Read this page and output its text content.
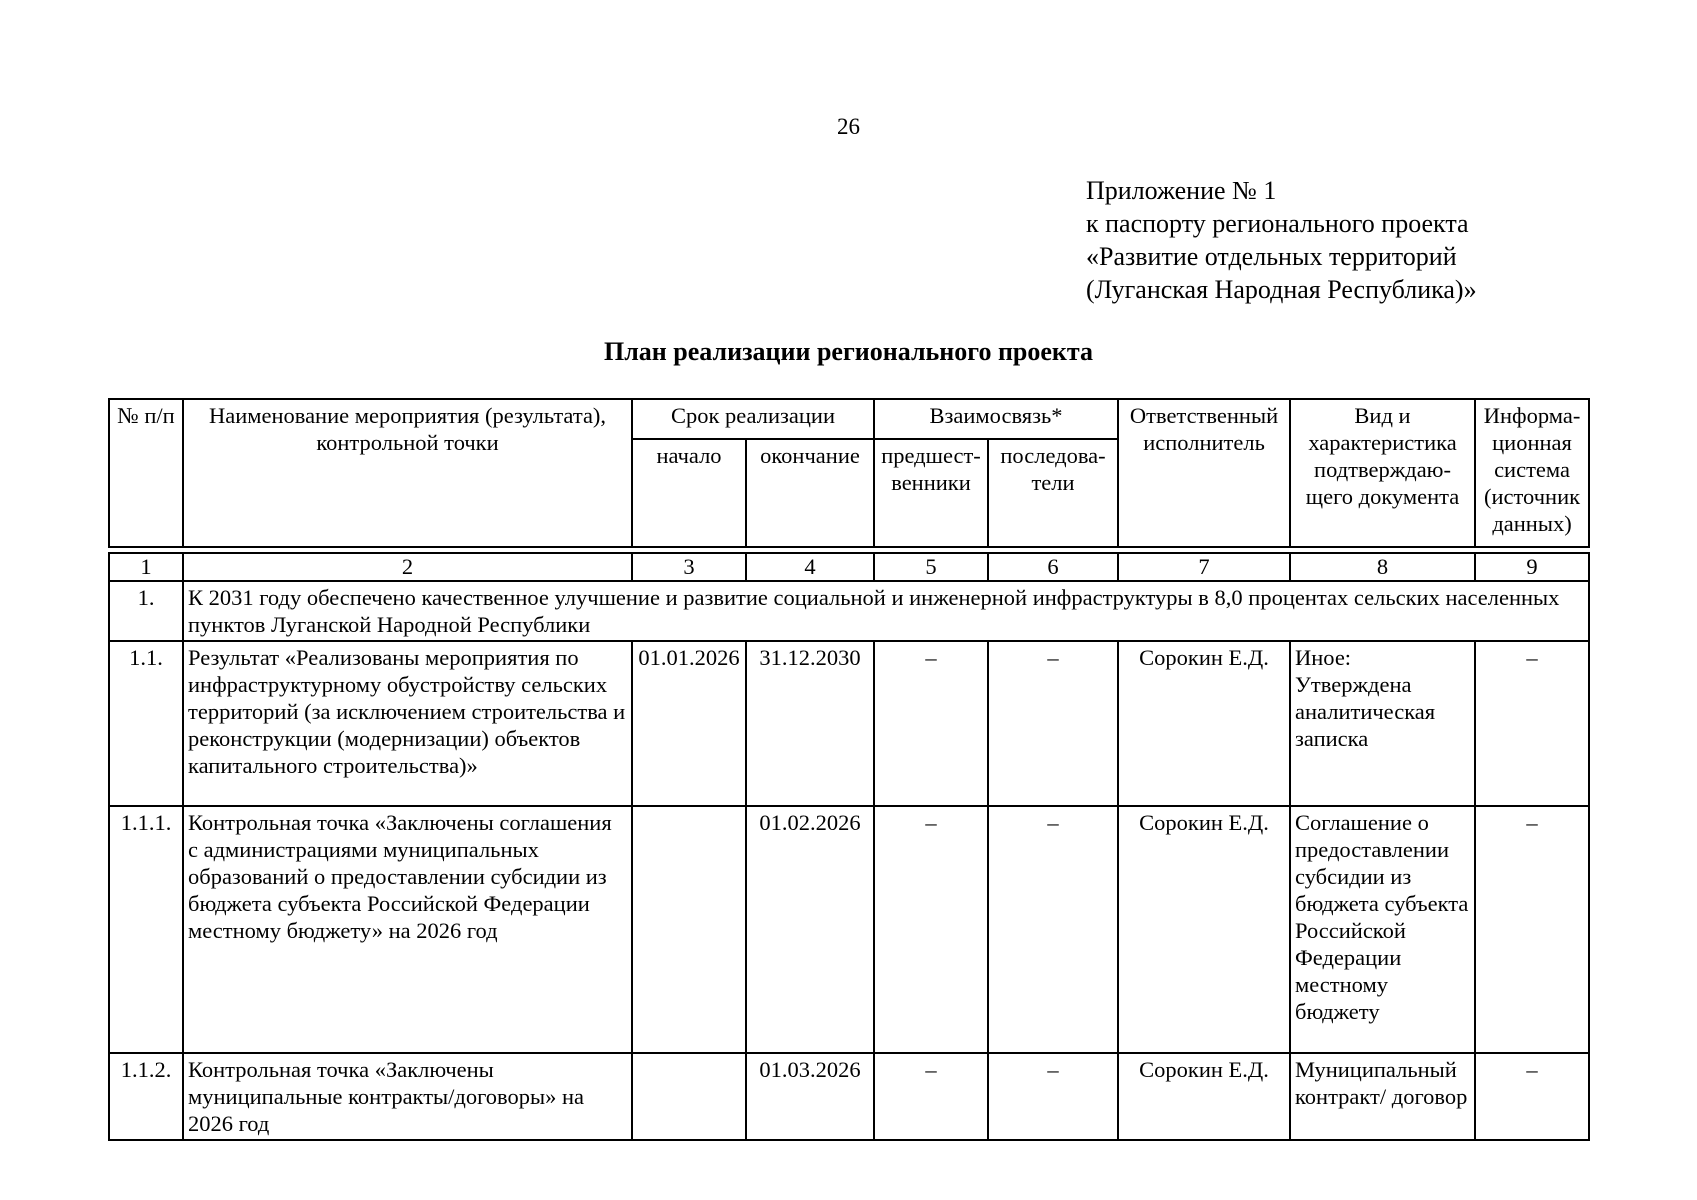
26
Приложение № 1
к паспорту регионального проекта
«Развитие отдельных территорий
(Луганская Народная Республика)»
План реализации регионального проекта
№ п/п	Наименование мероприятия (результата), контрольной точки	Срок реализации		Взаимосвязь*		Ответственный исполнитель	Вид и характеристика подтверждаю-щего документа	Информа-ционная система (источник данных)
		начало	окончание	предшест-венники	последова-тели			
1	2	3	4	5	6	7	8	9
1.	К 2031 году обеспечено качественное улучшение и развитие социальной и инженерной инфраструктуры в 8,0 процентах сельских населенных пунктов Луганской Народной Республики							
1.1.	Результат «Реализованы мероприятия по инфраструктурному обустройству сельских территорий (за исключением строительства и реконструкции (модернизации) объектов капитального строительства)»	01.01.2026	31.12.2030	–	–	Сорокин Е.Д.	Иное: Утверждена аналитическая записка	–
1.1.1.	Контрольная точка «Заключены соглашения с администрациями муниципальных образований о предоставлении субсидии из бюджета субъекта Российской Федерации местному бюджету» на 2026 год		01.02.2026	–	–	Сорокин Е.Д.	Соглашение о предоставлении субсидии из бюджета субъекта Российской Федерации местному бюджету	–
1.1.2.	Контрольная точка «Заключены муниципальные контракты/договоры» на 2026 год		01.03.2026	–	–	Сорокин Е.Д.	Муниципальный контракт/ договор	–
